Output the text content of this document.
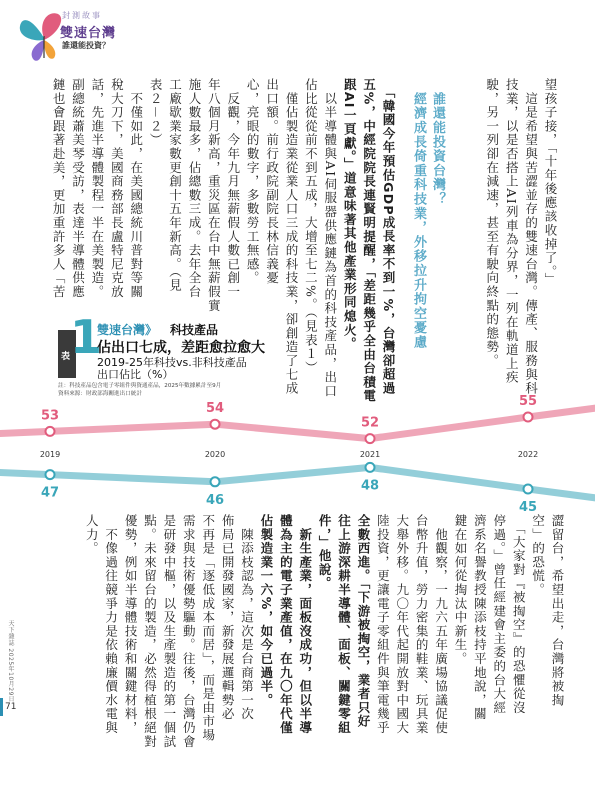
封測故事
雙速台灣
誰還能投資？
望孩子接，「十年後應該收掉了。」
　這是希望與苦澀並存的雙速台灣。傳產、服務與科
技業，以是否搭上AI列車為分界，一列在軌道上疾
駛，另一列卻在減速，甚至有駛向終點的態勢。
誰還能投資台灣？
經濟成長倚重科技業，外移拉升拘空憂慮
　「韓國今年預估GDP成長率不到一%，台灣卻超過
五%，中經院院長連賢明提醒，「差距幾乎全由台積電
跟AI一頁獻。」道意味著其他產業形同熄火。
　以半導體與AI伺服器供應鏈為首的科技產品，出口
佔比從從前不到五成，大增至七二%。（見表１）
　僅佔製造業從業人口三成的科技業，卻創造了七成
出口額。前行政院副院長林信義憂
心，亮眼的數字，多數勞工無感。
　反觀，今年九月無薪假人數已創一
年八個月新高，重災區在台中無薪假實
施人數最多，佔總數三成。去年全台
工廠歇業家數更創十五年新高。（見
表２－２）
　不僅如此，在美國總統川普對等關
稅大刀下，美國商務部長盧特尼克放
話，先進半導體製程一半在美製造。
副總統蕭美琴受訪，表達半導體供應
鏈也會跟著赴美，更加重許多人「苦
表 1
雙速台灣》 科技產品
佔出口七成，差距愈拉愈大
2019-25年科技vs.非科技產品
出口佔比（%）
註：科技產品包含電子零組件與資通產品，2025年數據累計至9月
資料來源：財政部海關進出口統計
53	54
52
55
47	46
48
45
2019	2020	2021	2022
澀留台，希望出走，台灣將被掏
空」的恐慌。
　「大家對『被掏空』的恐懼從沒
停過。」曾任經建會主委的台大經
濟系名譽教授陳添枝持平地說，關
鍵在如何從掏汰中新生。
　他觀察，一九六五年廣場協議促使
台幣升值，勞力密集的鞋業、玩具業
大舉外移。九〇年代起開放對中國大
陸投資，更讓電子零組件與筆電幾乎
全數西進。「下游被掏空，業者只好
往上游深耕半導體、面板、關鍵零組
件，」他說。
　新生產業，面板沒成功，但以半導
體為主的電子業產值，在九〇年代僅
佔製造業一六%，如今已過半。
　陳添枝認為，這次是台商第一次
佈局已開發國家，新發展邏輯勢必
不再是「逐低成本而居」，而是由市場
需求與技術優勢驅動。往後，台灣仍會
是研發中樞，以及生產製造的第一個試
點。未來留台的製造，必然得植根絕對
優勢，例如半導體技術和關鍵材料，
　不像過往競爭力是依賴廉價水電與
人力。
天下雜誌 2025年10月29日
71
